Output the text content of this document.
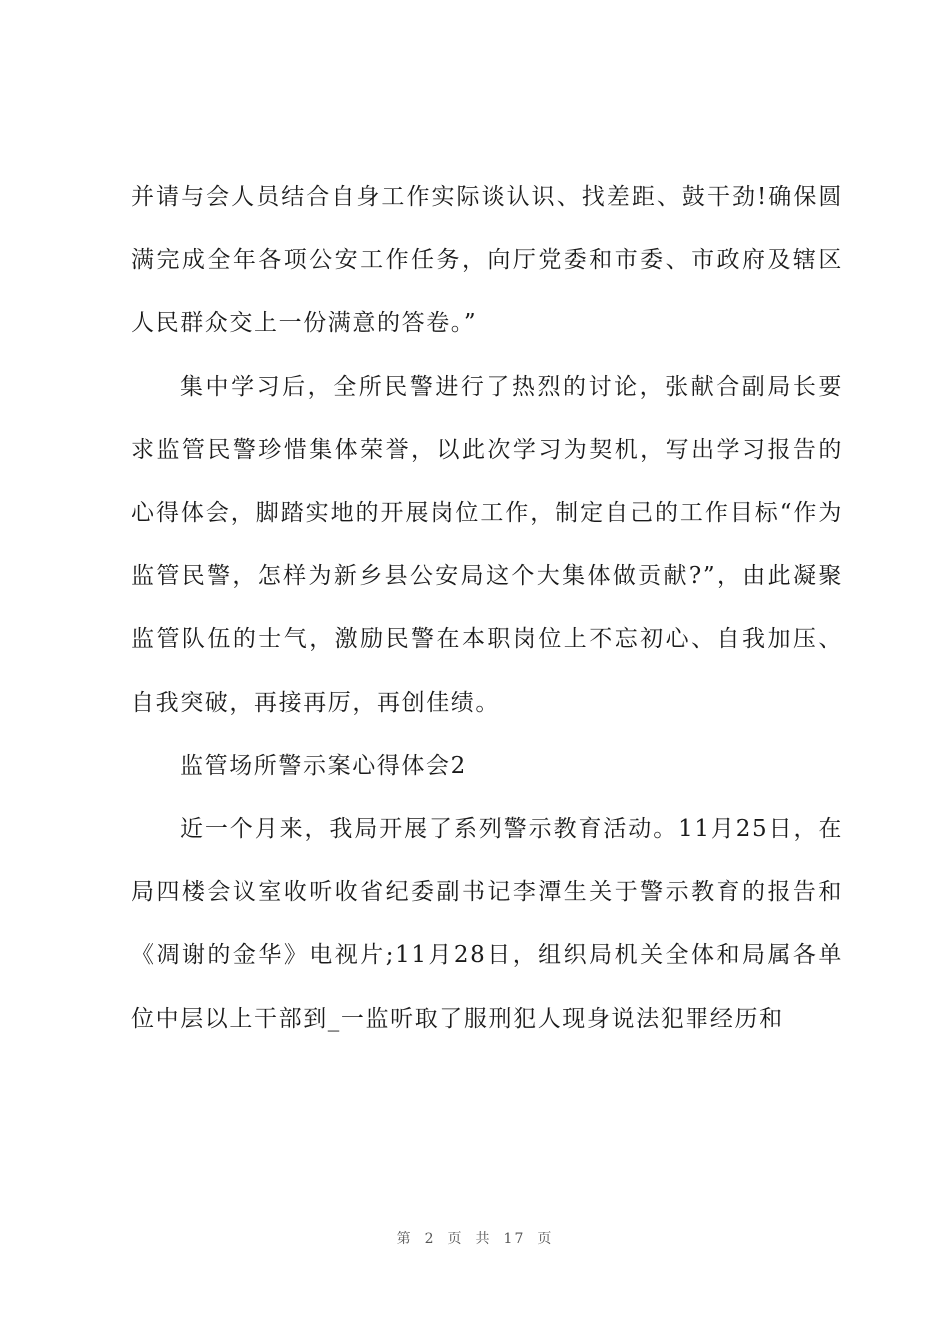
并请与会人员结合自身工作实际谈认识、找差距、鼓干劲!确保圆满完成全年各项公安工作任务，向厅党委和市委、市政府及辖区人民群众交上一份满意的答卷。”

集中学习后，全所民警进行了热烈的讨论，张献合副局长要求监管民警珍惜集体荣誉，以此次学习为契机，写出学习报告的心得体会，脚踏实地的开展岗位工作，制定自己的工作目标“作为监管民警，怎样为新乡县公安局这个大集体做贡献?”，由此凝聚监管队伍的士气，激励民警在本职岗位上不忘初心、自我加压、自我突破，再接再厉，再创佳绩。

监管场所警示案心得体会2

近一个月来，我局开展了系列警示教育活动。11月25日，在局四楼会议室收听收省纪委副书记李潭生关于警示教育的报告和《凋谢的金华》电视片;11月28日，组织局机关全体和局属各单位中层以上干部到_一监听取了服刑犯人现身说法犯罪经历和

第 2 页 共 17 页
